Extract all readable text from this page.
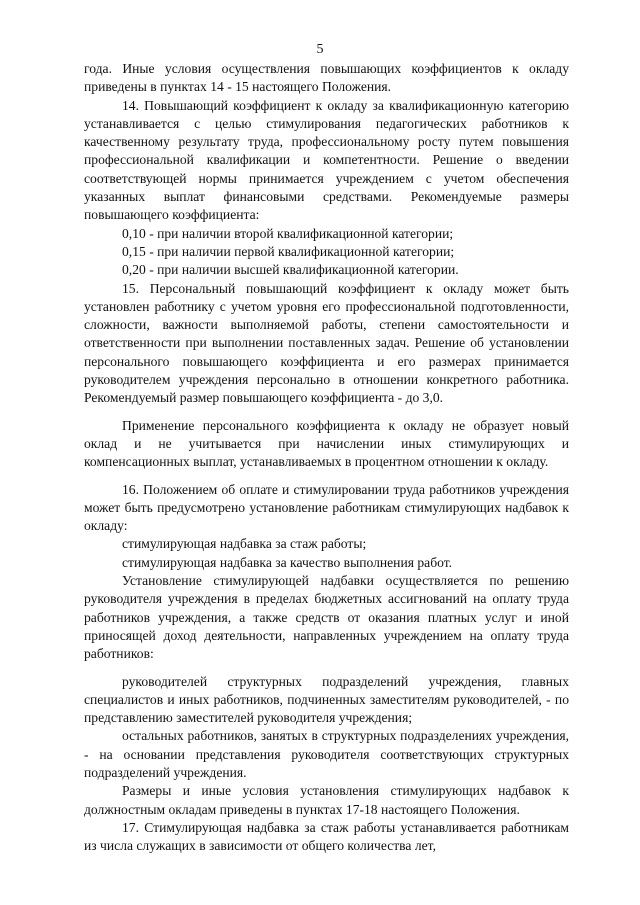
5

года. Иные условия осуществления повышающих коэффициентов к окладу приведены в пунктах 14 - 15 настоящего Положения.

14. Повышающий коэффициент к окладу за квалификационную категорию устанавливается с целью стимулирования педагогических работников к качественному результату труда, профессиональному росту путем повышения профессиональной квалификации и компетентности. Решение о введении соответствующей нормы принимается учреждением с учетом обеспечения указанных выплат финансовыми средствами. Рекомендуемые размеры повышающего коэффициента:

0,10 - при наличии второй квалификационной категории;

0,15 - при наличии первой квалификационной категории;

0,20 - при наличии высшей квалификационной категории.

15. Персональный повышающий коэффициент к окладу может быть установлен работнику с учетом уровня его профессиональной подготовленности, сложности, важности выполняемой работы, степени самостоятельности и ответственности при выполнении поставленных задач. Решение об установлении персонального повышающего коэффициента и его размерах принимается руководителем учреждения персонально в отношении конкретного работника. Рекомендуемый размер повышающего коэффициента - до 3,0.

Применение персонального коэффициента к окладу не образует новый оклад и не учитывается при начислении иных стимулирующих и компенсационных выплат, устанавливаемых в процентном отношении к окладу.

16. Положением об оплате и стимулировании труда работников учреждения может быть предусмотрено установление работникам стимулирующих надбавок к окладу:

стимулирующая надбавка за стаж работы;

стимулирующая надбавка за качество выполнения работ.

Установление стимулирующей надбавки осуществляется по решению руководителя учреждения в пределах бюджетных ассигнований на оплату труда работников учреждения, а также средств от оказания платных услуг и иной приносящей доход деятельности, направленных учреждением на оплату труда работников:

руководителей структурных подразделений учреждения, главных специалистов и иных работников, подчиненных заместителям руководителей, - по представлению заместителей руководителя учреждения;

остальных работников, занятых в структурных подразделениях учреждения, - на основании представления руководителя соответствующих структурных подразделений учреждения.

Размеры и иные условия установления стимулирующих надбавок к должностным окладам приведены в пунктах 17-18 настоящего Положения.

17. Стимулирующая надбавка за стаж работы устанавливается работникам из числа служащих в зависимости от общего количества лет,
